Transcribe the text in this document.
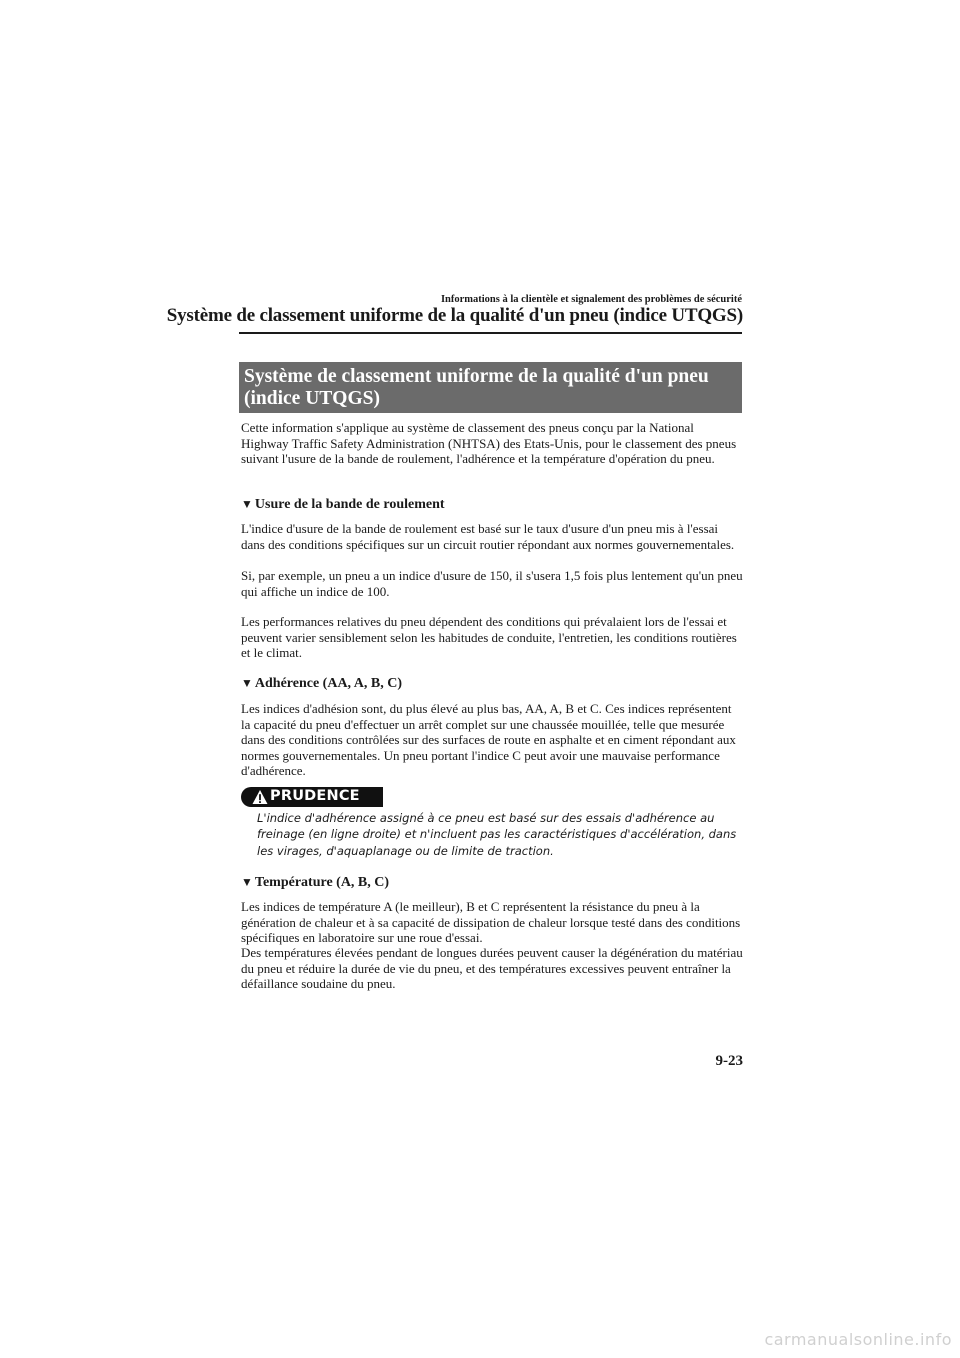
Informations à la clientèle et signalement des problèmes de sécurité
Système de classement uniforme de la qualité d'un pneu (indice UTQGS)
Système de classement uniforme de la qualité d'un pneu (indice UTQGS)

Cette information s'applique au système de classement des pneus conçu par la National Highway Traffic Safety Administration (NHTSA) des Etats-Unis, pour le classement des pneus suivant l'usure de la bande de roulement, l'adhérence et la température d'opération du pneu.

▼ Usure de la bande de roulement

L'indice d'usure de la bande de roulement est basé sur le taux d'usure d'un pneu mis à l'essai dans des conditions spécifiques sur un circuit routier répondant aux normes gouvernementales.

Si, par exemple, un pneu a un indice d'usure de 150, il s'usera 1,5 fois plus lentement qu'un pneu qui affiche un indice de 100.

Les performances relatives du pneu dépendent des conditions qui prévalaient lors de l'essai et peuvent varier sensiblement selon les habitudes de conduite, l'entretien, les conditions routières et le climat.

▼ Adhérence (AA, A, B, C)

Les indices d'adhésion sont, du plus élevé au plus bas, AA, A, B et C. Ces indices représentent la capacité du pneu d'effectuer un arrêt complet sur une chaussée mouillée, telle que mesurée dans des conditions contrôlées sur des surfaces de route en asphalte et en ciment répondant aux normes gouvernementales. Un pneu portant l'indice C peut avoir une mauvaise performance d'adhérence.

PRUDENCE

L'indice d'adhérence assigné à ce pneu est basé sur des essais d'adhérence au freinage (en ligne droite) et n'incluent pas les caractéristiques d'accélération, dans les virages, d'aquaplanage ou de limite de traction.

▼ Température (A, B, C)

Les indices de température A (le meilleur), B et C représentent la résistance du pneu à la génération de chaleur et à sa capacité de dissipation de chaleur lorsque testé dans des conditions spécifiques en laboratoire sur une roue d'essai.

Des températures élevées pendant de longues durées peuvent causer la dégénération du matériau du pneu et réduire la durée de vie du pneu, et des températures excessives peuvent entraîner la défaillance soudaine du pneu.

9-23
carmanualsonline.info
